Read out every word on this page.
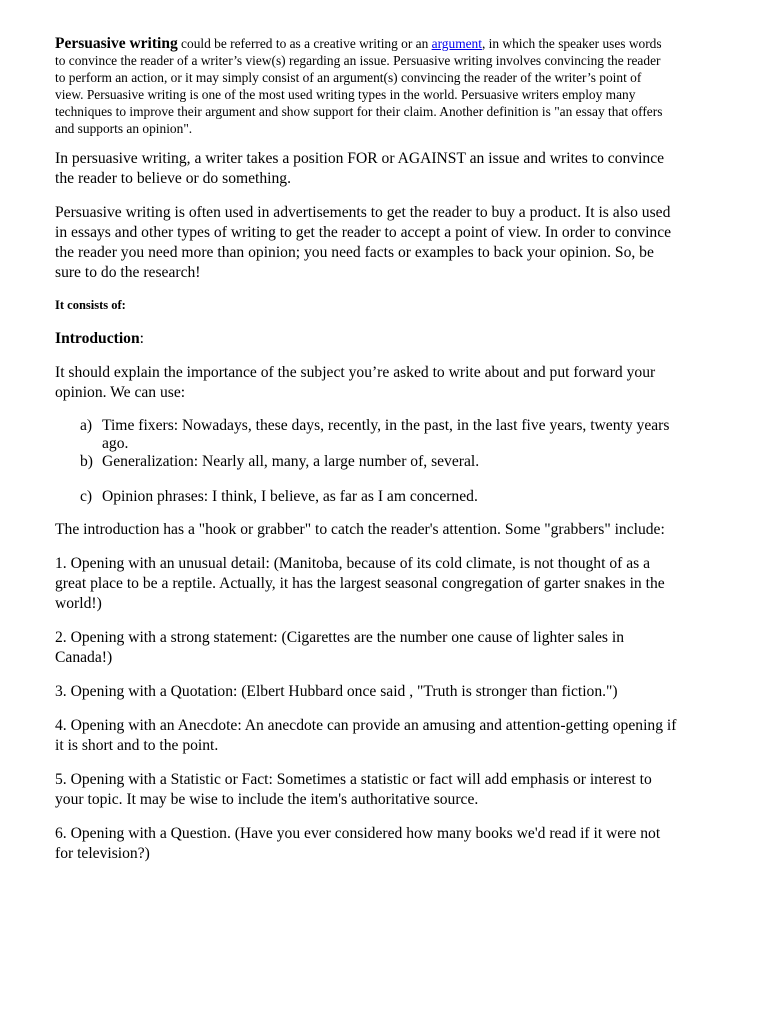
Persuasive writing could be referred to as a creative writing or an argument, in which the speaker uses words to convince the reader of a writer’s view(s) regarding an issue. Persuasive writing involves convincing the reader to perform an action, or it may simply consist of an argument(s) convincing the reader of the writer’s point of view. Persuasive writing is one of the most used writing types in the world. Persuasive writers employ many techniques to improve their argument and show support for their claim. Another definition is "an essay that offers and supports an opinion".

In persuasive writing, a writer takes a position FOR or AGAINST an issue and writes to convince the reader to believe or do something.

Persuasive writing is often used in advertisements to get the reader to buy a product. It is also used in essays and other types of writing to get the reader to accept a point of view. In order to convince the reader you need more than opinion; you need facts or examples to back your opinion. So, be sure to do the research!

It consists of:

Introduction:

It should explain the importance of the subject you’re asked to write about and put forward your opinion. We can use:

a) Time fixers: Nowadays, these days, recently, in the past, in the last five years, twenty years ago.
b) Generalization: Nearly all, many, a large number of, several.
c) Opinion phrases: I think, I believe, as far as I am concerned.

The introduction has a "hook or grabber" to catch the reader's attention. Some "grabbers" include:

1. Opening with an unusual detail: (Manitoba, because of its cold climate, is not thought of as a great place to be a reptile. Actually, it has the largest seasonal congregation of garter snakes in the world!)

2. Opening with a strong statement: (Cigarettes are the number one cause of lighter sales in Canada!)

3. Opening with a Quotation: (Elbert Hubbard once said , "Truth is stronger than fiction.")

4. Opening with an Anecdote: An anecdote can provide an amusing and attention-getting opening if it is short and to the point.

5. Opening with a Statistic or Fact: Sometimes a statistic or fact will add emphasis or interest to your topic. It may be wise to include the item's authoritative source.

6. Opening with a Question. (Have you ever considered how many books we'd read if it were not for television?)
